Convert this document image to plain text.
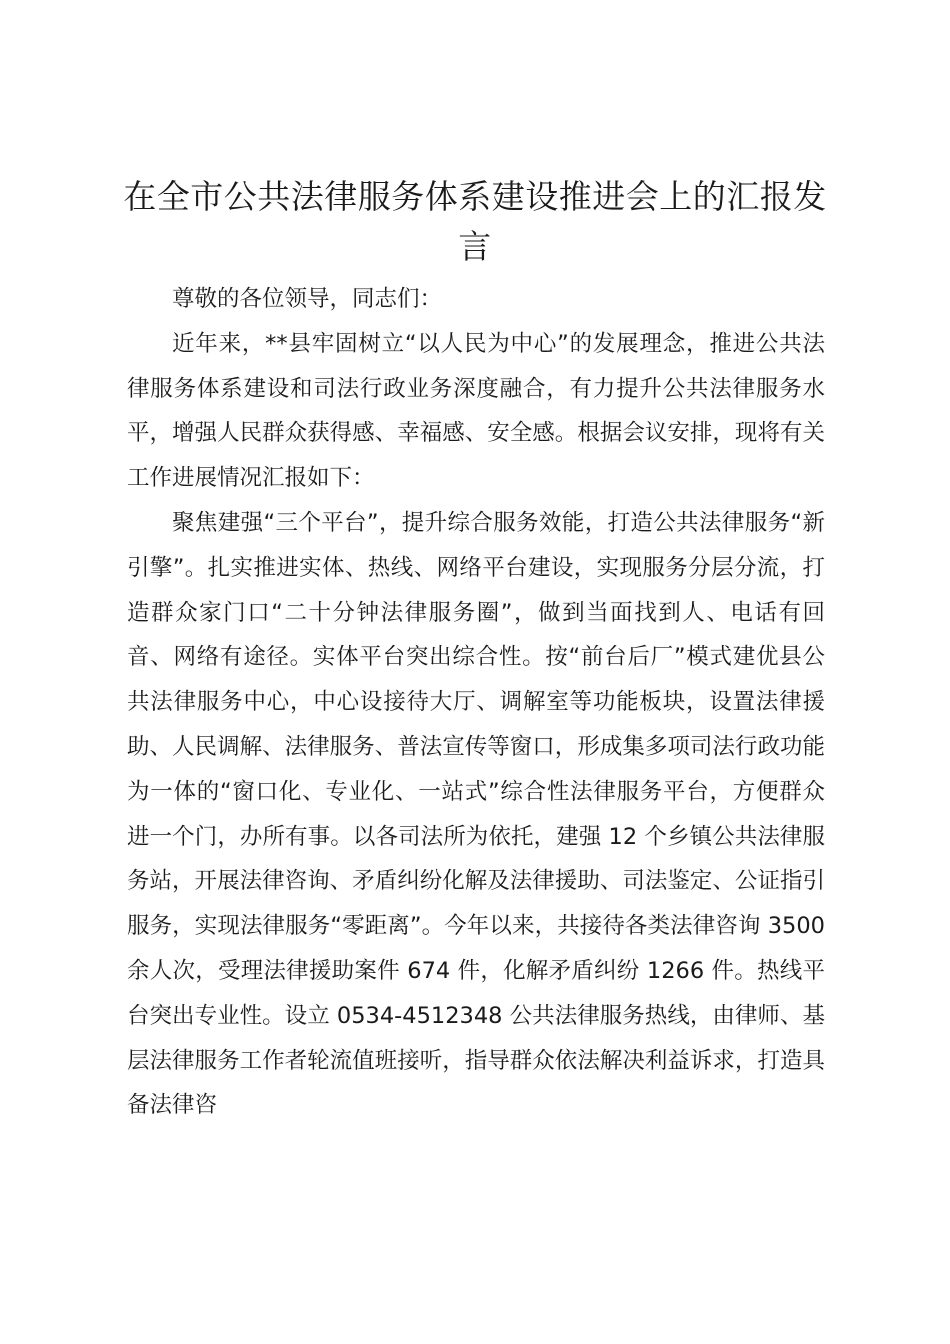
在全市公共法律服务体系建设推进会上的汇报发言

尊敬的各位领导，同志们：

近年来，**县牢固树立“以人民为中心”的发展理念，推进公共法律服务体系建设和司法行政业务深度融合，有力提升公共法律服务水平，增强人民群众获得感、幸福感、安全感。根据会议安排，现将有关工作进展情况汇报如下：

聚焦建强“三个平台”，提升综合服务效能，打造公共法律服务“新引擎”。扎实推进实体、热线、网络平台建设，实现服务分层分流，打造群众家门口“二十分钟法律服务圈”，做到当面找到人、电话有回音、网络有途径。实体平台突出综合性。按“前台后厂”模式建优县公共法律服务中心，中心设接待大厅、调解室等功能板块，设置法律援助、人民调解、法律服务、普法宣传等窗口，形成集多项司法行政功能为一体的“窗口化、专业化、一站式”综合性法律服务平台，方便群众进一个门，办所有事。以各司法所为依托，建强 12 个乡镇公共法律服务站，开展法律咨询、矛盾纠纷化解及法律援助、司法鉴定、公证指引服务，实现法律服务“零距离”。今年以来，共接待各类法律咨询 3500 余人次，受理法律援助案件 674 件，化解矛盾纠纷 1266 件。热线平台突出专业性。设立 0534-4512348 公共法律服务热线，由律师、基层法律服务工作者轮流值班接听，指导群众依法解决利益诉求，打造具备法律咨
